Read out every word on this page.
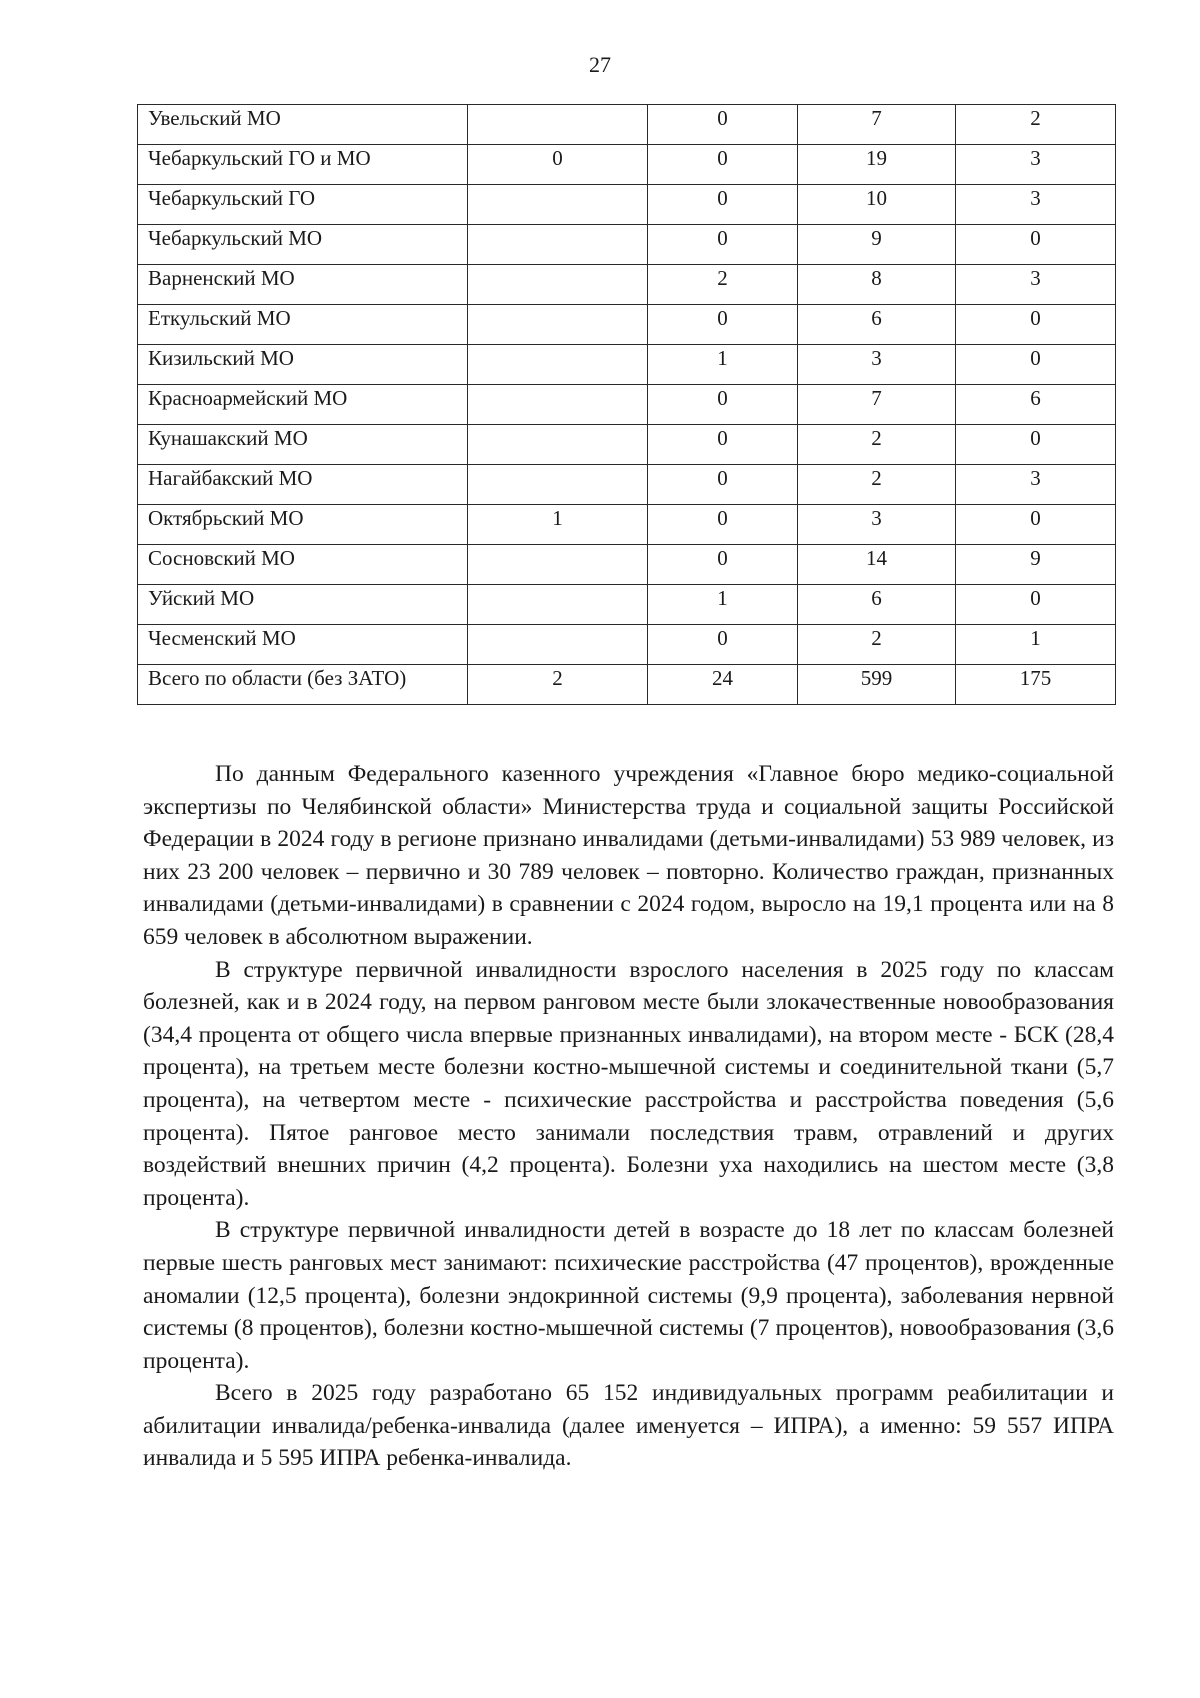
27
Увельский МО		0	7	2
Чебаркульский ГО и МО	0	0	19	3
Чебаркульский ГО		0	10	3
Чебаркульский МО		0	9	0
Варненский МО		2	8	3
Еткульский МО		0	6	0
Кизильский МО		1	3	0
Красноармейский МО		0	7	6
Кунашакский МО		0	2	0
Нагайбакский МО		0	2	3
Октябрьский МО	1	0	3	0
Сосновский МО		0	14	9
Уйский МО		1	6	0
Чесменский МО		0	2	1
Всего по области (без ЗАТО)	2	24	599	175

По данным Федерального казенного учреждения «Главное бюро медико-социальной экспертизы по Челябинской области» Министерства труда и социальной защиты Российской Федерации в 2024 году в регионе признано инвалидами (детьми-инвалидами) 53 989 человек, из них 23 200 человек – первично и 30 789 человек – повторно. Количество граждан, признанных инвалидами (детьми-инвалидами) в сравнении с 2024 годом, выросло на 19,1 процента или на 8 659 человек в абсолютном выражении.

В структуре первичной инвалидности взрослого населения в 2025 году по классам болезней, как и в 2024 году, на первом ранговом месте были злокачественные новообразования (34,4 процента от общего числа впервые признанных инвалидами), на втором месте - БСК (28,4 процента), на третьем месте болезни костно-мышечной системы и соединительной ткани (5,7 процента), на четвертом месте - психические расстройства и расстройства поведения (5,6 процента). Пятое ранговое место занимали последствия травм, отравлений и других воздействий внешних причин (4,2 процента). Болезни уха находились на шестом месте (3,8 процента).

В структуре первичной инвалидности детей в возрасте до 18 лет по классам болезней первые шесть ранговых мест занимают: психические расстройства (47 процентов), врожденные аномалии (12,5 процента), болезни эндокринной системы (9,9 процента), заболевания нервной системы (8 процентов), болезни костно-мышечной системы (7 процентов), новообразования (3,6 процента).

Всего в 2025 году разработано 65 152 индивидуальных программ реабилитации и абилитации инвалида/ребенка-инвалида (далее именуется – ИПРА), а именно: 59 557 ИПРА инвалида и 5 595 ИПРА ребенка-инвалида.
